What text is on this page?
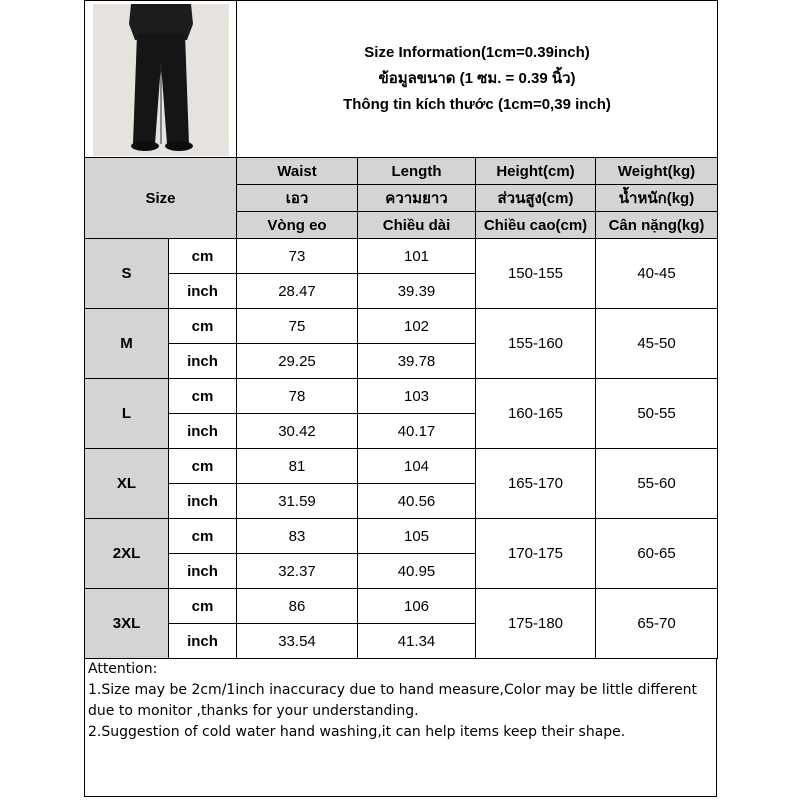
Size Information(1cm=0.39inch)
ข้อมูลขนาด (1 ซม. = 0.39 นิ้ว)
Thông tin kích thước (1cm=0,39 inch)			

Size		Waist	Length	Height(cm)	Weight(kg)
		เอว	ความยาว	ส่วนสูง(cm)	น้ำหนัก(kg)
		Vòng eo	Chiều dài	Chiều cao(cm)	Cân nặng(kg)
S	cm	73	101	150-155	40-45
	inch	28.47	39.39		
M	cm	75	102	155-160	45-50
	inch	29.25	39.78		
L	cm	78	103	160-165	50-55
	inch	30.42	40.17		
XL	cm	81	104	165-170	55-60
	inch	31.59	40.56		
2XL	cm	83	105	170-175	60-65
	inch	32.37	40.95		
3XL	cm	86	106	175-180	65-70
	inch	33.54	41.34		
Attention:
1.Size may be 2cm/1inch inaccuracy due to hand measure,Color may be little different due to monitor ,thanks for your understanding.
2.Suggestion of cold water hand washing,it can help items keep their shape.
